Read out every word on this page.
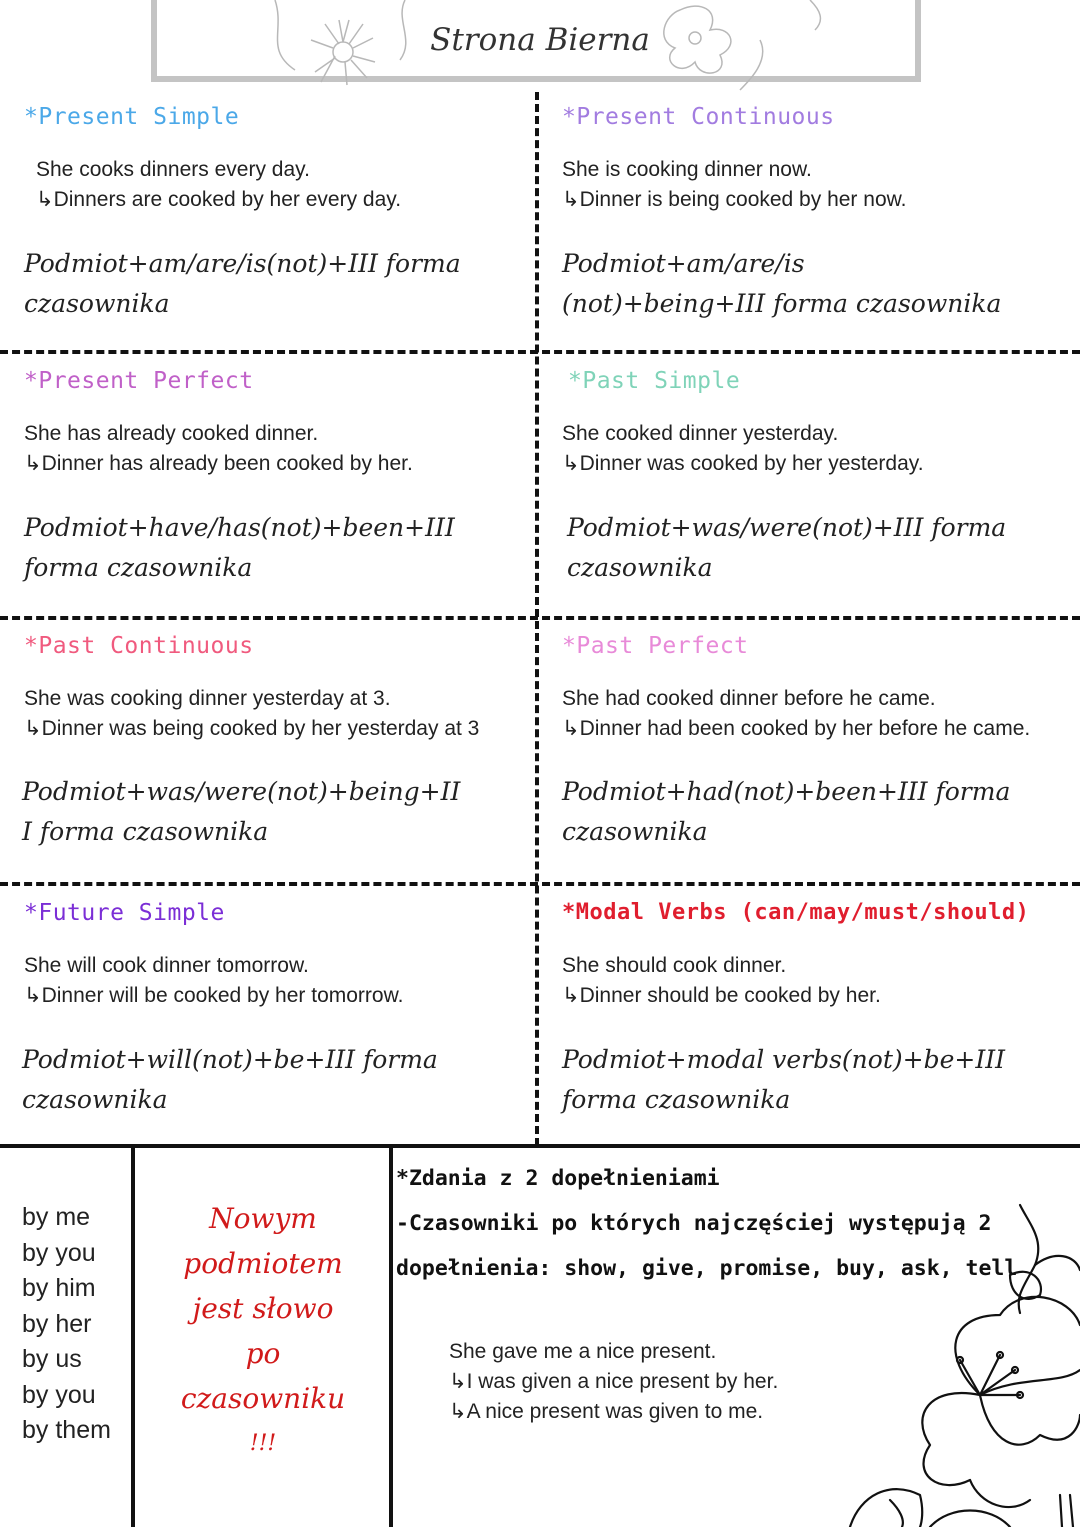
Strona Bierna
*Present Simple
She cooks dinners every day.
↳Dinners are cooked by her every day.
Podmiot+am/are/is(not)+III forma
czasownika
*Present Continuous
She is cooking dinner now.
↳Dinner is being cooked by her now.
Podmiot+am/are/is
(not)+being+III forma czasownika
*Present Perfect
She has already cooked dinner.
↳Dinner has already been cooked by her.
Podmiot+have/has(not)+been+III
forma czasownika
*Past Simple
She cooked dinner yesterday.
↳Dinner was cooked by her yesterday.
Podmiot+was/were(not)+III forma
czasownika
*Past Continuous
She was cooking dinner yesterday at 3.
↳Dinner was being cooked by her yesterday at 3
Podmiot+was/were(not)+being+II
I forma czasownika
*Past Perfect
She had cooked dinner before he came.
↳Dinner had been cooked by her before he came.
Podmiot+had(not)+been+III forma
czasownika
*Future Simple
She will cook dinner tomorrow.
↳Dinner will be cooked by her tomorrow.
Podmiot+will(not)+be+III forma
czasownika
*Modal Verbs (can/may/must/should)
She should cook dinner.
↳Dinner should be cooked by her.
Podmiot+modal verbs(not)+be+III
forma czasownika
by me
by you
by him
by her
by us
by you
by them
Nowym
podmiotem
jest słowo
po
czasowniku
!!!
*Zdania z 2 dopełnieniami
-Czasowniki po których najczęściej występują 2
dopełnienia: show, give, promise, buy, ask, tell
She gave me a nice present.
↳I was given a nice present by her.
↳A nice present was given to me.
